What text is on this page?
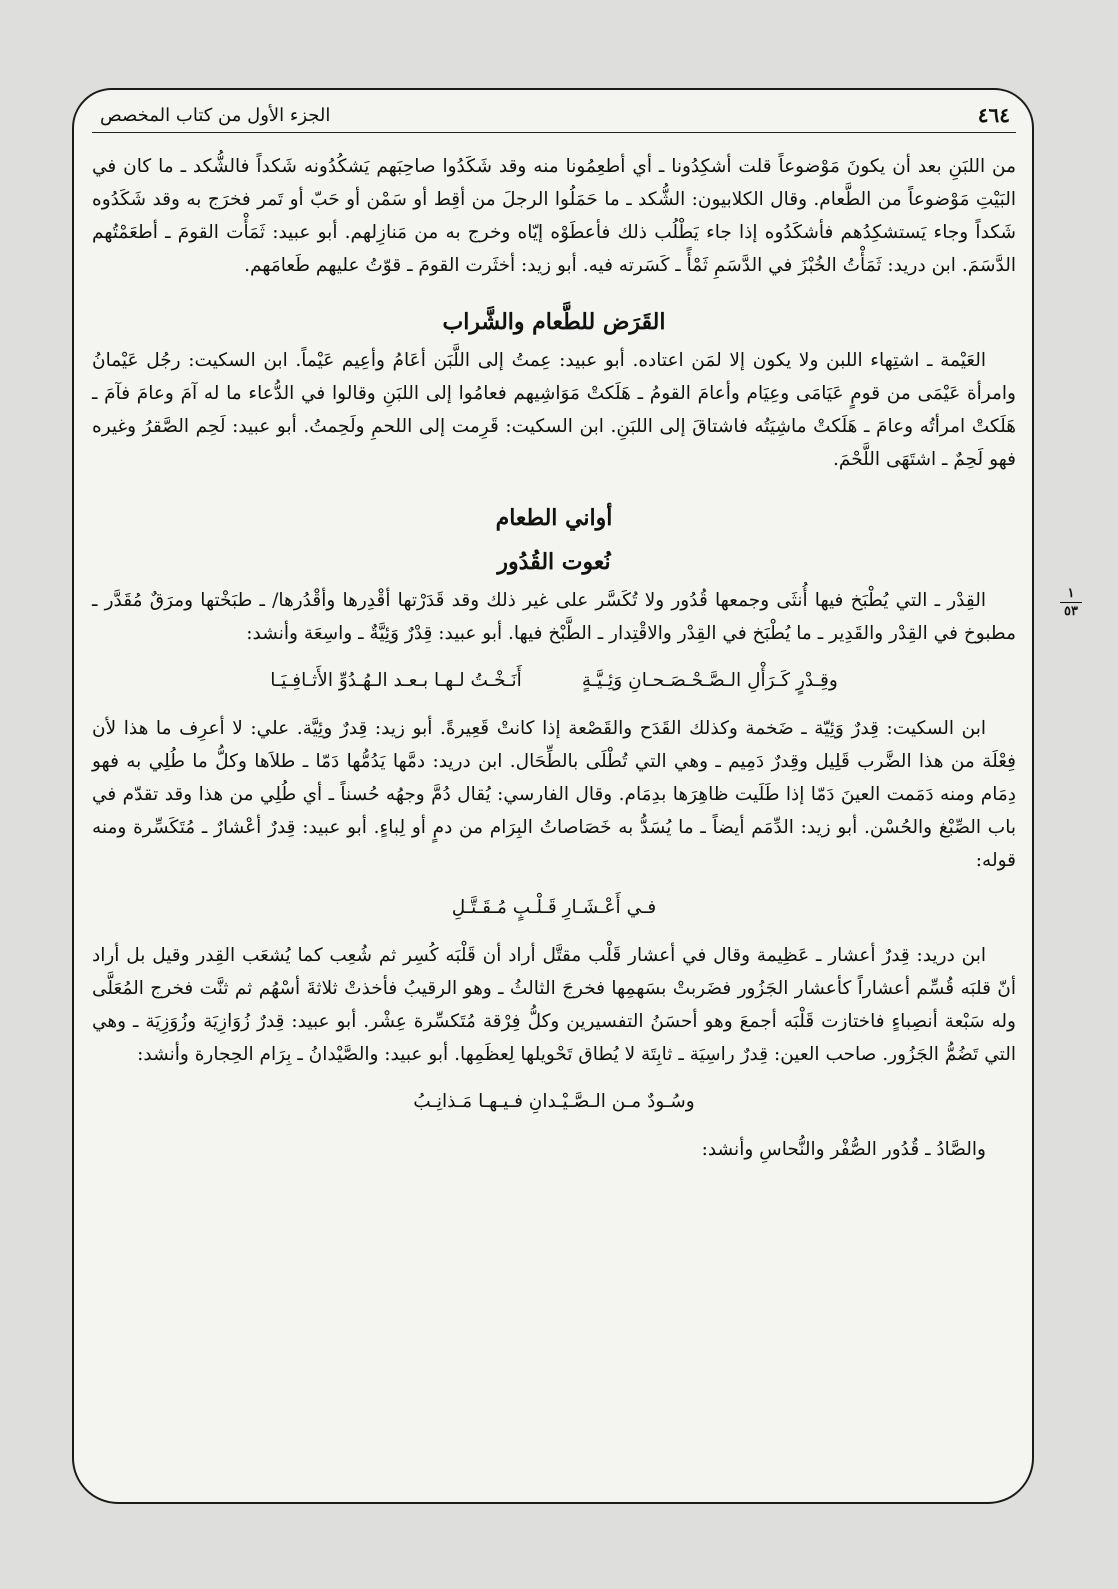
٤٦٤
الجزء الأول من كتاب المخصص

من اللبَنِ بعد أن يكونَ مَوْضوعاً قلت أشكِدُونا ـ أي أطعِمُونا منه وقد شَكَدُوا صاحِبَهم يَشكُدُونه شَكداً فالشُّكد ـ ما كان في البَيْتِ مَوْضوعاً من الطَّعام. وقال الكلابيون: الشُّكد ـ ما حَمَلُوا الرجلَ من أقِط أو سَمْن أو حَبّ أو تَمر فخرَج به وقد شَكَدُوه شَكداً وجاء يَستشكِدُهم فأشكَدُوه إذا جاء يَطْلُب ذلك فأعطَوْه إيّاه وخرج به من مَنازِلهم. أبو عبيد: ثَمَأْت القومَ ـ أطعَمْتُهم الدَّسَمَ. ابن دريد: ثَمَأْتُ الخُبْزَ في الدَّسَمِ ثَمْأً ـ كَسَرته فيه. أبو زيد: أخثَرت القومَ ـ قوّتُ عليهم طَعامَهم.

القَرَض للطَّعام والشَّراب

العَيْمة ـ اشتِهاء اللبن ولا يكون إلا لمَن اعتاده. أبو عبيد: عِمتُ إلى اللَّبَن أعَامُ وأعِيم عَيْماً. ابن السكيت: رجُل عَيْمانُ وامرأة عَيْمَى من قومٍ عَيَامَى وعِيَام وأعامَ القومُ ـ هَلَكتْ مَوَاشِيهم فعامُوا إلى اللبَنِ وقالوا في الدُّعاء ما له آمَ وعامَ فآمَ ـ هَلَكتْ امرأتُه وعامَ ـ هَلَكتْ ماشِيَتُه فاشتاقَ إلى اللبَنِ. ابن السكيت: قَرِمت إلى اللحمِ ولَحِمتُ. أبو عبيد: لَحِم الصَّقرُ وغيره فهو لَحِمٌ ـ اشتَهَى اللَّحْمَ.

أواني الطعام
نُعوت القُدُور
١
٥٣

القِدْر ـ التي يُطْبَخ فيها أُنثَى وجمعها قُدُور ولا تُكَسَّر على غير ذلك وقد قَدَرْتها أقْدِرها وأقْدُرها/ ـ طبَخْتها ومرَقٌ مُقَدَّر ـ مطبوخ في القِدْر والقَدِير ـ ما يُطْبَخ في القِدْر والاقْتِدار ـ الطَّبْخ فيها. أبو عبيد: قِدْرٌ وَئِيَّةٌ ـ واسِعَة وأنشد:

وقِـدْرٍ كَـرَأْلِ الـصَّـحْـصَـحـانِ وَئِـيَّـةٍ
أَنَـخْـتُ لـهـا بـعـد الـهُـدُوِّ الأَثـافِـيَـا

ابن السكيت: قِدرٌ وَئِيّة ـ ضَخمة وكذلك القَدَح والقَصْعة إذا كانتْ قَعِيرةً. أبو زيد: قِدرٌ وئِيَّة. علي: لا أعرِف ما هذا لأن فِعْلَة من هذا الضَّرب قَلِيل وقِدرٌ دَمِيم ـ وهي التي تُطْلَى بالطِّحَال. ابن دريد: دمَّها يَدُمُّها دَمّا ـ طلاَها وكلُّ ما طُلِي به فهو دِمَام ومنه دَمَمت العينَ دَمّا إذا طَلَيت ظاهِرَها بدِمَام. وقال الفارسي: يُقال دُمَّ وجهُه حُسناً ـ أي طُلِي من هذا وقد تقدّم في باب الصِّبْغ والحُسْن. أبو زيد: الدِّمَم أيضاً ـ ما يُسَدُّ به خَصَاصاتُ البِرَام من دمٍ أو لِباءٍ. أبو عبيد: قِدرٌ أعْشارٌ ـ مُتَكَسِّرة ومنه قوله:

فـي أَعْـشَـارِ قَـلْـبٍ مُـقَـتَّـلِ

ابن دريد: قِدرٌ أعشار ـ عَظِيمة وقال في أعشار قَلْب مقتَّل أراد أن قَلْبَه كُسِر ثم شُعِب كما يُشعَب القِدر وقيل بل أراد أنّ قلبَه قُسِّم أعشاراً كأعشار الجَزُور فضَربتْ بسَهمِها فخرجَ الثالثُ ـ وهو الرقيبُ فأخذتْ ثلاثةَ أسْهُم ثم ثنَّت فخرج المُعَلَّى وله سَبْعة أنصِباءٍ فاختازت قَلْبَه أجمعَ وهو أحسَنُ التفسيرين وكلُّ فِرْقة مُتَكسِّرة عِشْر. أبو عبيد: قِدرٌ زُوَازِيَة وزُوَزِيَة ـ وهي التي تَضُمُّ الجَزُور. صاحب العين: قِدرٌ راسِيَة ـ ثابِتَة لا يُطاق تَحْويلها لِعظَمِها. أبو عبيد: والصَّيْدانُ ـ بِرَام الحِجارة وأنشد:

وسُـودٌ مـن الـصَّـيْـدانِ فـيـهـا مَـذانِـبُ

والصَّادُ ـ قُدُور الصُّفْر والنُّحاسِ وأنشد:
